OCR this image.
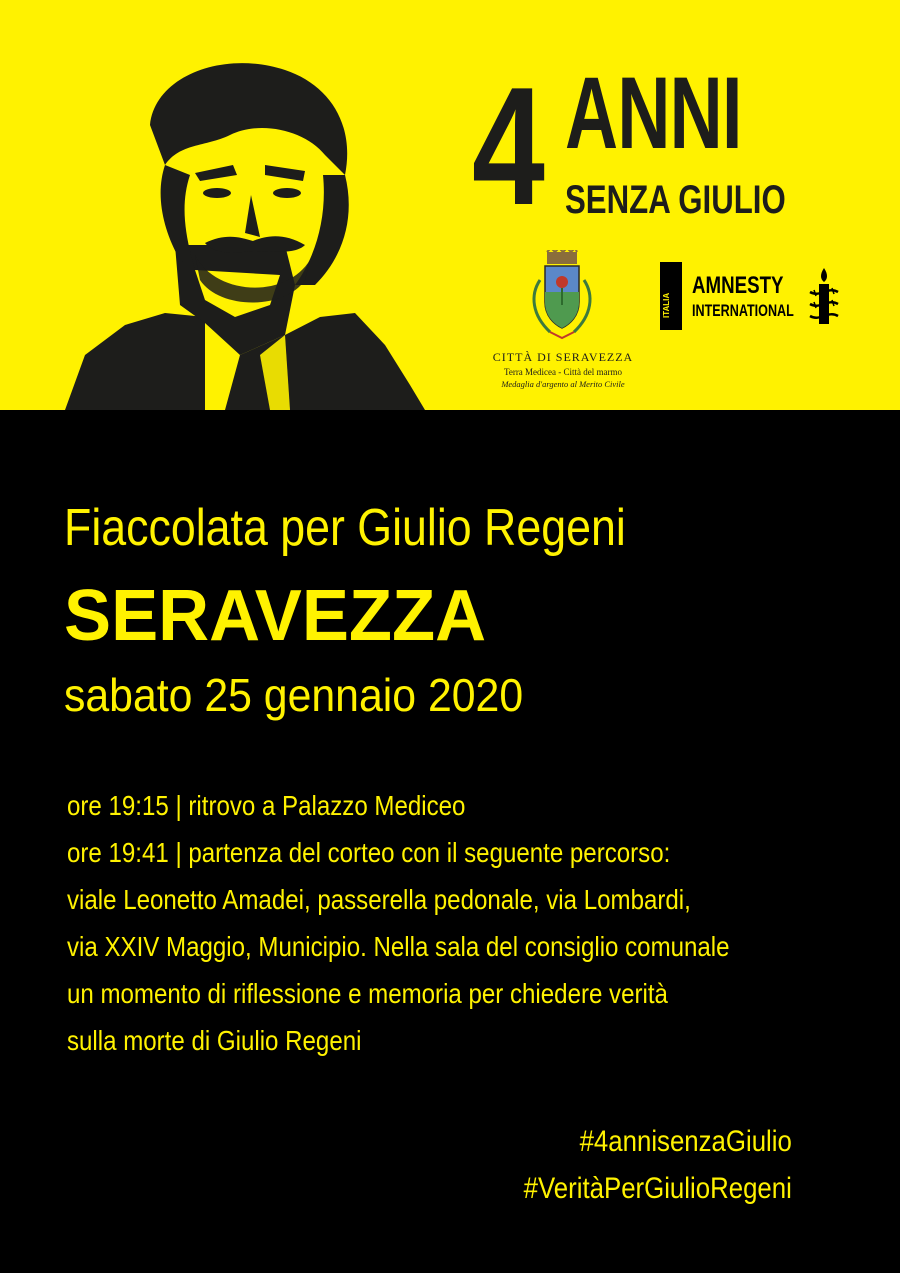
4 ANNI
SENZA GIULIO
CITTÀ DI SERAVEZZA
Terra Medicea - Città del marmo
Medaglia d'argento al Merito Civile
ITALIA
AMNESTY
INTERNATIONAL
Fiaccolata per Giulio Regeni
SERAVEZZA
sabato 25 gennaio 2020
ore 19:15 | ritrovo a Palazzo Mediceo
ore 19:41 | partenza del corteo con il seguente percorso:
viale Leonetto Amadei, passerella pedonale, via Lombardi,
via XXIV Maggio, Municipio. Nella sala del consiglio comunale
un momento di riflessione e memoria per chiedere verità
sulla morte di Giulio Regeni
#4annisenzaGiulio
#VeritàPerGiulioRegeni
